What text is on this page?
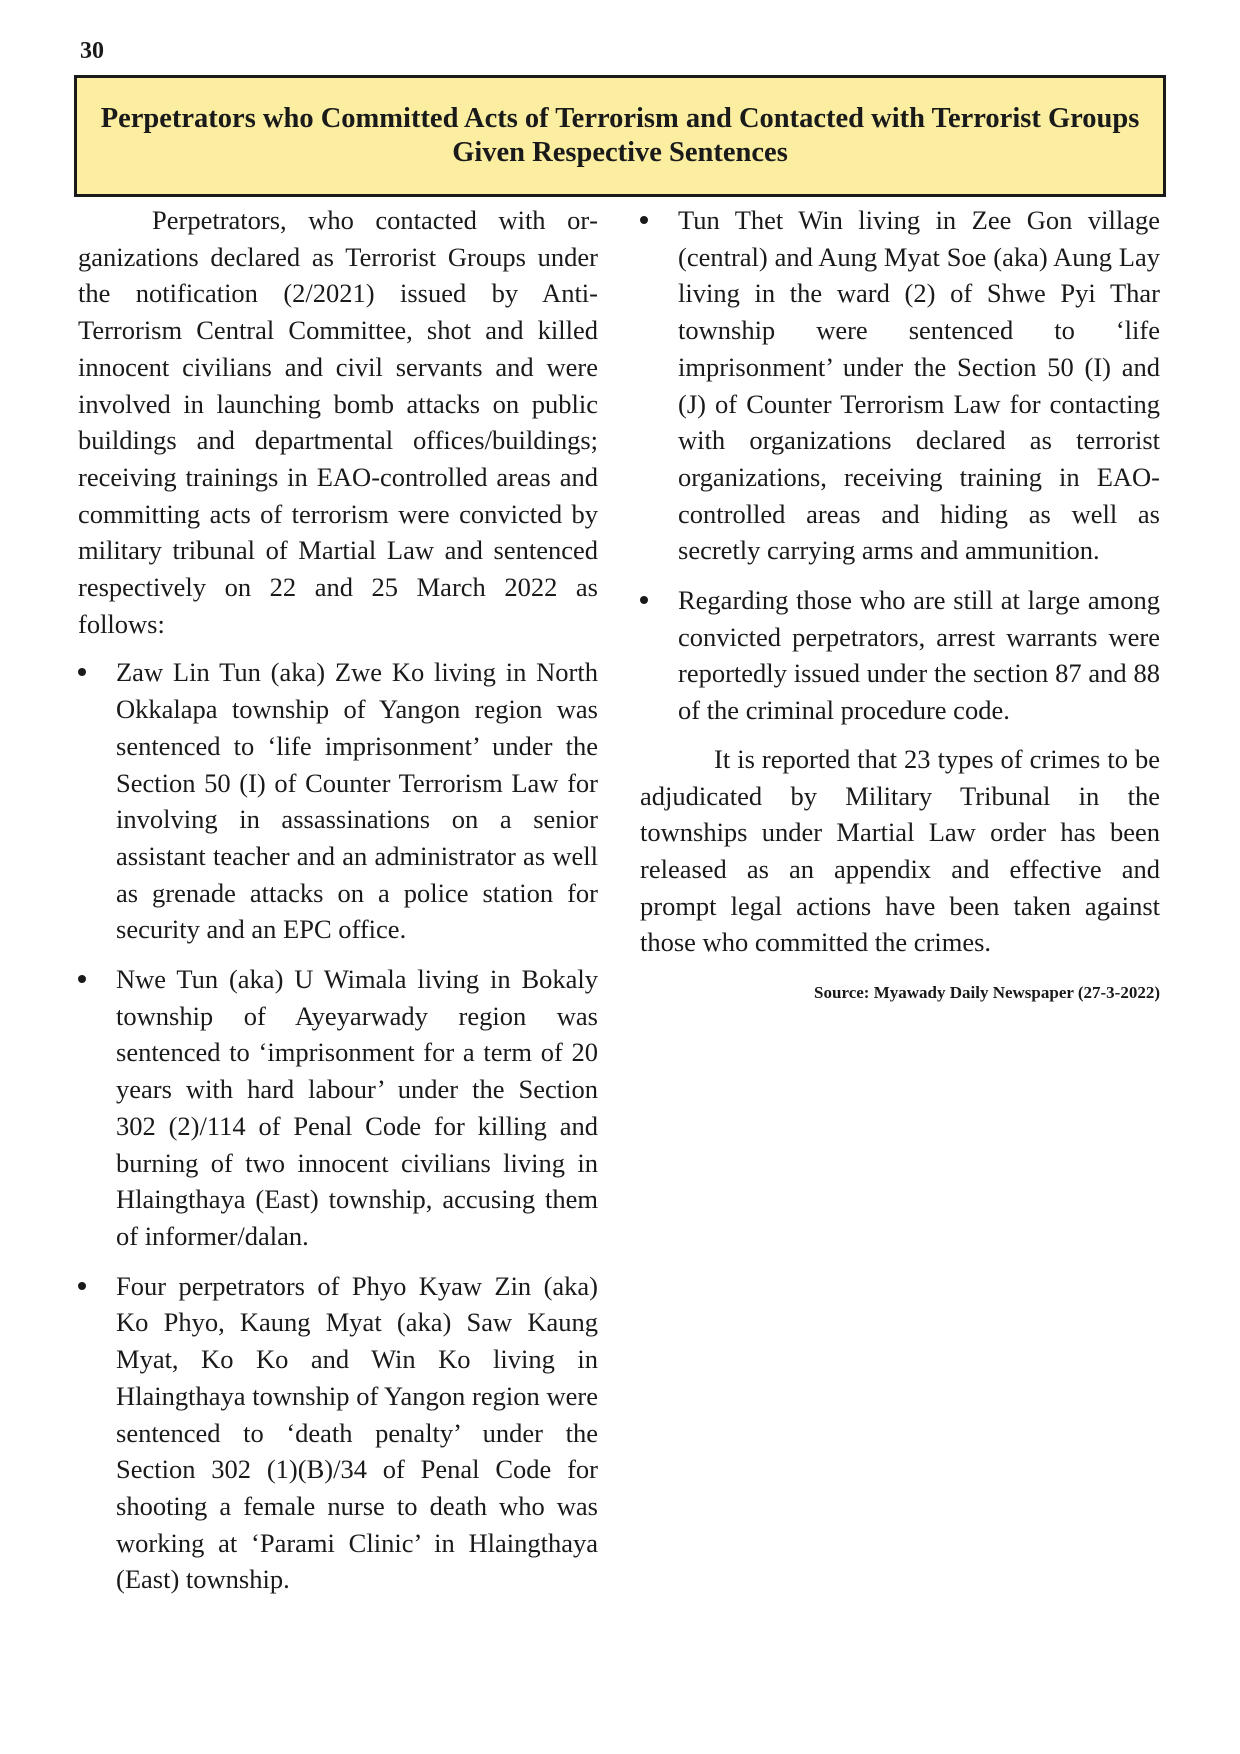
30
Perpetrators who Committed Acts of Terrorism and Contacted with Terrorist Groups Given Respective Sentences

Perpetrators, who contacted with organizations declared as Terrorist Groups under the notification (2/2021) issued by Anti-Terrorism Central Committee, shot and killed innocent civilians and civil servants and were involved in launching bomb attacks on public buildings and departmental offices/buildings; receiving trainings in EAO-controlled areas and committing acts of terrorism were convicted by military tribunal of Martial Law and sentenced respectively on 22 and 25 March 2022 as follows:

Zaw Lin Tun (aka) Zwe Ko living in North Okkalapa township of Yangon region was sentenced to ‘life imprisonment’ under the Section 50 (I) of Counter Terrorism Law for involving in assassinations on a senior assistant teacher and an administrator as well as grenade attacks on a police station for security and an EPC office.
Nwe Tun (aka) U Wimala living in Bokaly township of Ayeyarwady region was sentenced to ‘imprisonment for a term of 20 years with hard labour’ under the Section 302 (2)/114 of Penal Code for killing and burning of two innocent civilians living in Hlaingthaya (East) township, accusing them of informer/dalan.
Four perpetrators of Phyo Kyaw Zin (aka) Ko Phyo, Kaung Myat (aka) Saw Kaung Myat, Ko Ko and Win Ko living in Hlaingthaya township of Yangon region were sentenced to ‘death penalty’ under the Section 302 (1)(B)/34 of Penal Code for shooting a female nurse to death who was working at ‘Parami Clinic’ in Hlaingthaya (East) township.
Tun Thet Win living in Zee Gon village (central) and Aung Myat Soe (aka) Aung Lay living in the ward (2) of Shwe Pyi Thar township were sentenced to ‘life imprisonment’ under the Section 50 (I) and (J) of Counter Terrorism Law for contacting with organizations declared as terrorist organizations, receiving training in EAO-controlled areas and hiding as well as secretly carrying arms and ammunition.
Regarding those who are still at large among convicted perpetrators, arrest warrants were reportedly issued under the section 87 and 88 of the criminal procedure code.

It is reported that 23 types of crimes to be adjudicated by Military Tribunal in the townships under Martial Law order has been released as an appendix and effective and prompt legal actions have been taken against those who committed the crimes.

Source: Myawady Daily Newspaper (27-3-2022)
